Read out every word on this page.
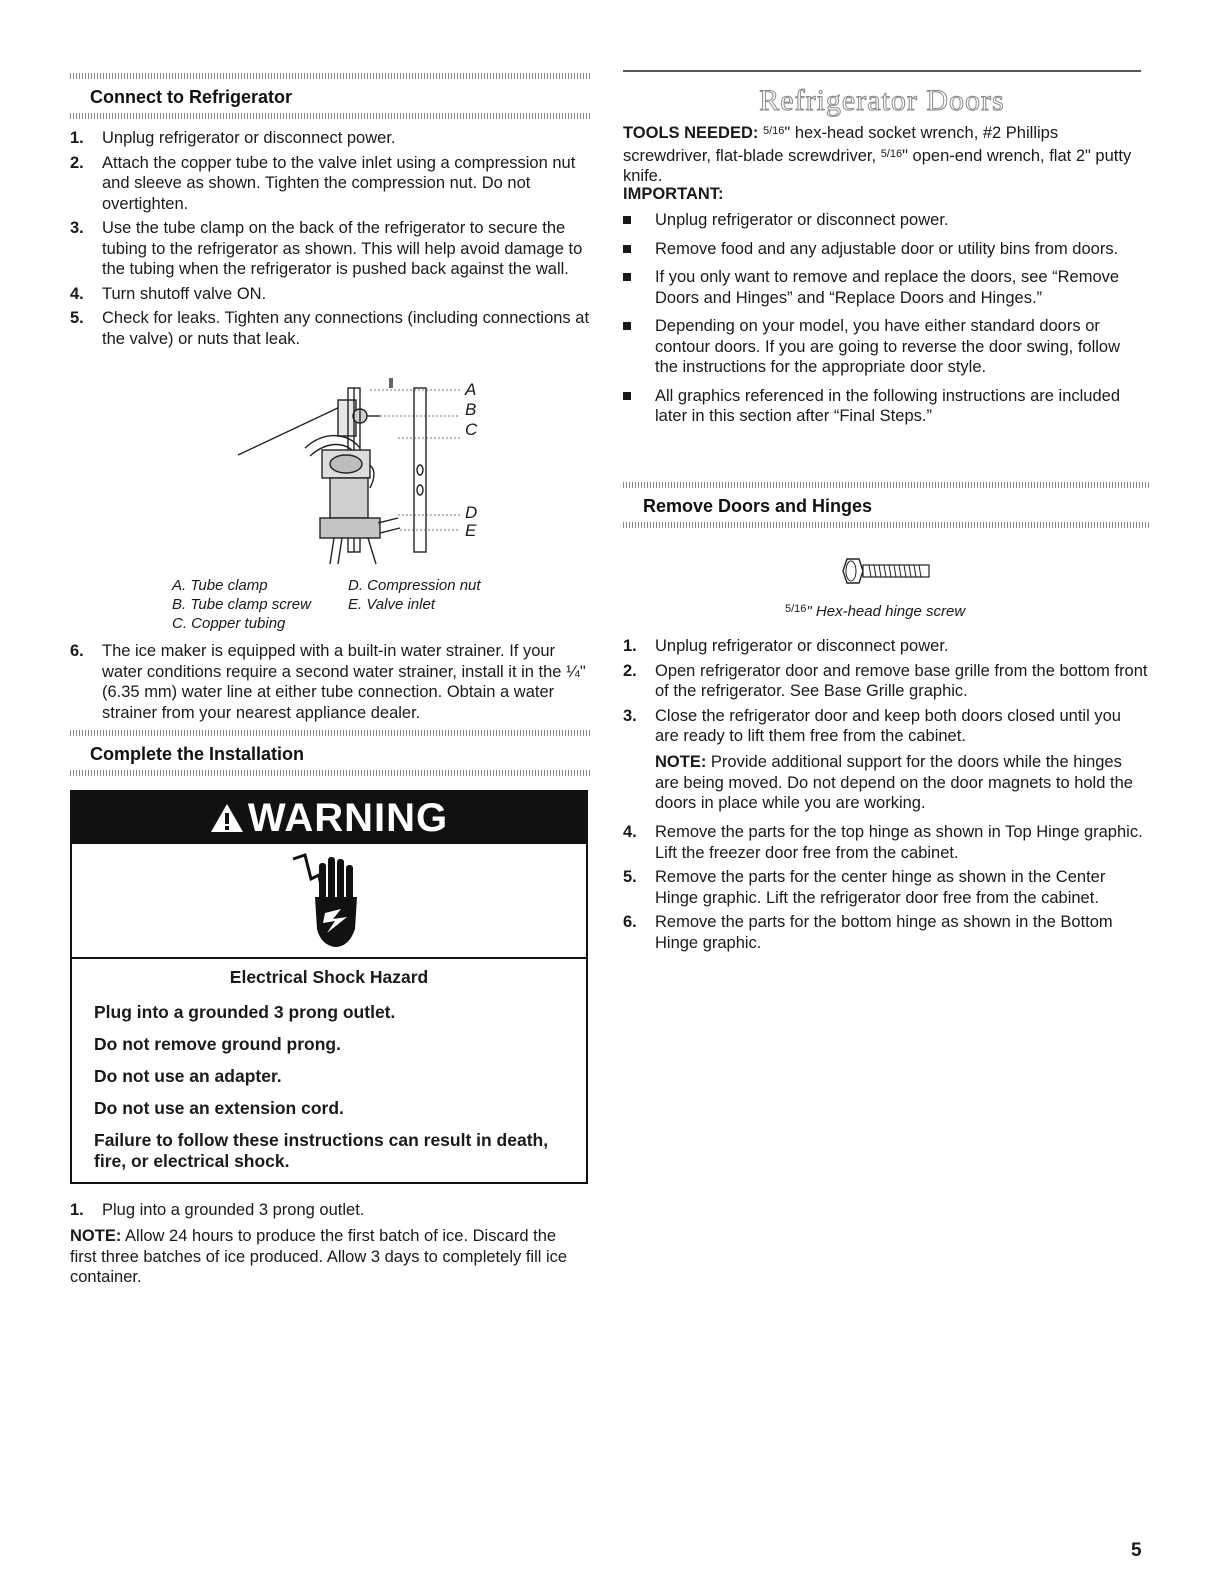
Connect to Refrigerator
1. Unplug refrigerator or disconnect power.
2. Attach the copper tube to the valve inlet using a compression nut and sleeve as shown. Tighten the compression nut. Do not overtighten.
3. Use the tube clamp on the back of the refrigerator to secure the tubing to the refrigerator as shown. This will help avoid damage to the tubing when the refrigerator is pushed back against the wall.
4. Turn shutoff valve ON.
5. Check for leaks. Tighten any connections (including connections at the valve) or nuts that leak.
A
B
C
D
E
A. Tube clamp
B. Tube clamp screw
C. Copper tubing
D. Compression nut
E. Valve inlet
6. The ice maker is equipped with a built-in water strainer. If your water conditions require a second water strainer, install it in the ¼" (6.35 mm) water line at either tube connection. Obtain a water strainer from your nearest appliance dealer.
Complete the Installation
WARNING

Electrical Shock Hazard

Plug into a grounded 3 prong outlet.

Do not remove ground prong.

Do not use an adapter.

Do not use an extension cord.

Failure to follow these instructions can result in death, fire, or electrical shock.

1. Plug into a grounded 3 prong outlet.

NOTE: Allow 24 hours to produce the first batch of ice. Discard the first three batches of ice produced. Allow 3 days to completely fill ice container.

Refrigerator Doors

TOOLS NEEDED: $^{5/16}$" hex-head socket wrench, #2 Phillips screwdriver, flat-blade screwdriver, $^{5/16}$" open-end wrench, flat 2" putty knife.

IMPORTANT:

Unplug refrigerator or disconnect power.
Remove food and any adjustable door or utility bins from doors.
If you only want to remove and replace the doors, see “Remove Doors and Hinges” and “Replace Doors and Hinges.”
Depending on your model, you have either standard doors or contour doors. If you are going to reverse the door swing, follow the instructions for the appropriate door style.
All graphics referenced in the following instructions are included later in this section after “Final Steps.”
Remove Doors and Hinges
$^{5/16}$" Hex-head hinge screw
1. Unplug refrigerator or disconnect power.
2. Open refrigerator door and remove base grille from the bottom front of the refrigerator. See Base Grille graphic.
3. Close the refrigerator door and keep both doors closed until you are ready to lift them free from the cabinet.

NOTE: Provide additional support for the doors while the hinges are being moved. Do not depend on the door magnets to hold the doors in place while you are working.

4. Remove the parts for the top hinge as shown in Top Hinge graphic. Lift the freezer door free from the cabinet.
5. Remove the parts for the center hinge as shown in the Center Hinge graphic. Lift the refrigerator door free from the cabinet.
6. Remove the parts for the bottom hinge as shown in the Bottom Hinge graphic.
5
